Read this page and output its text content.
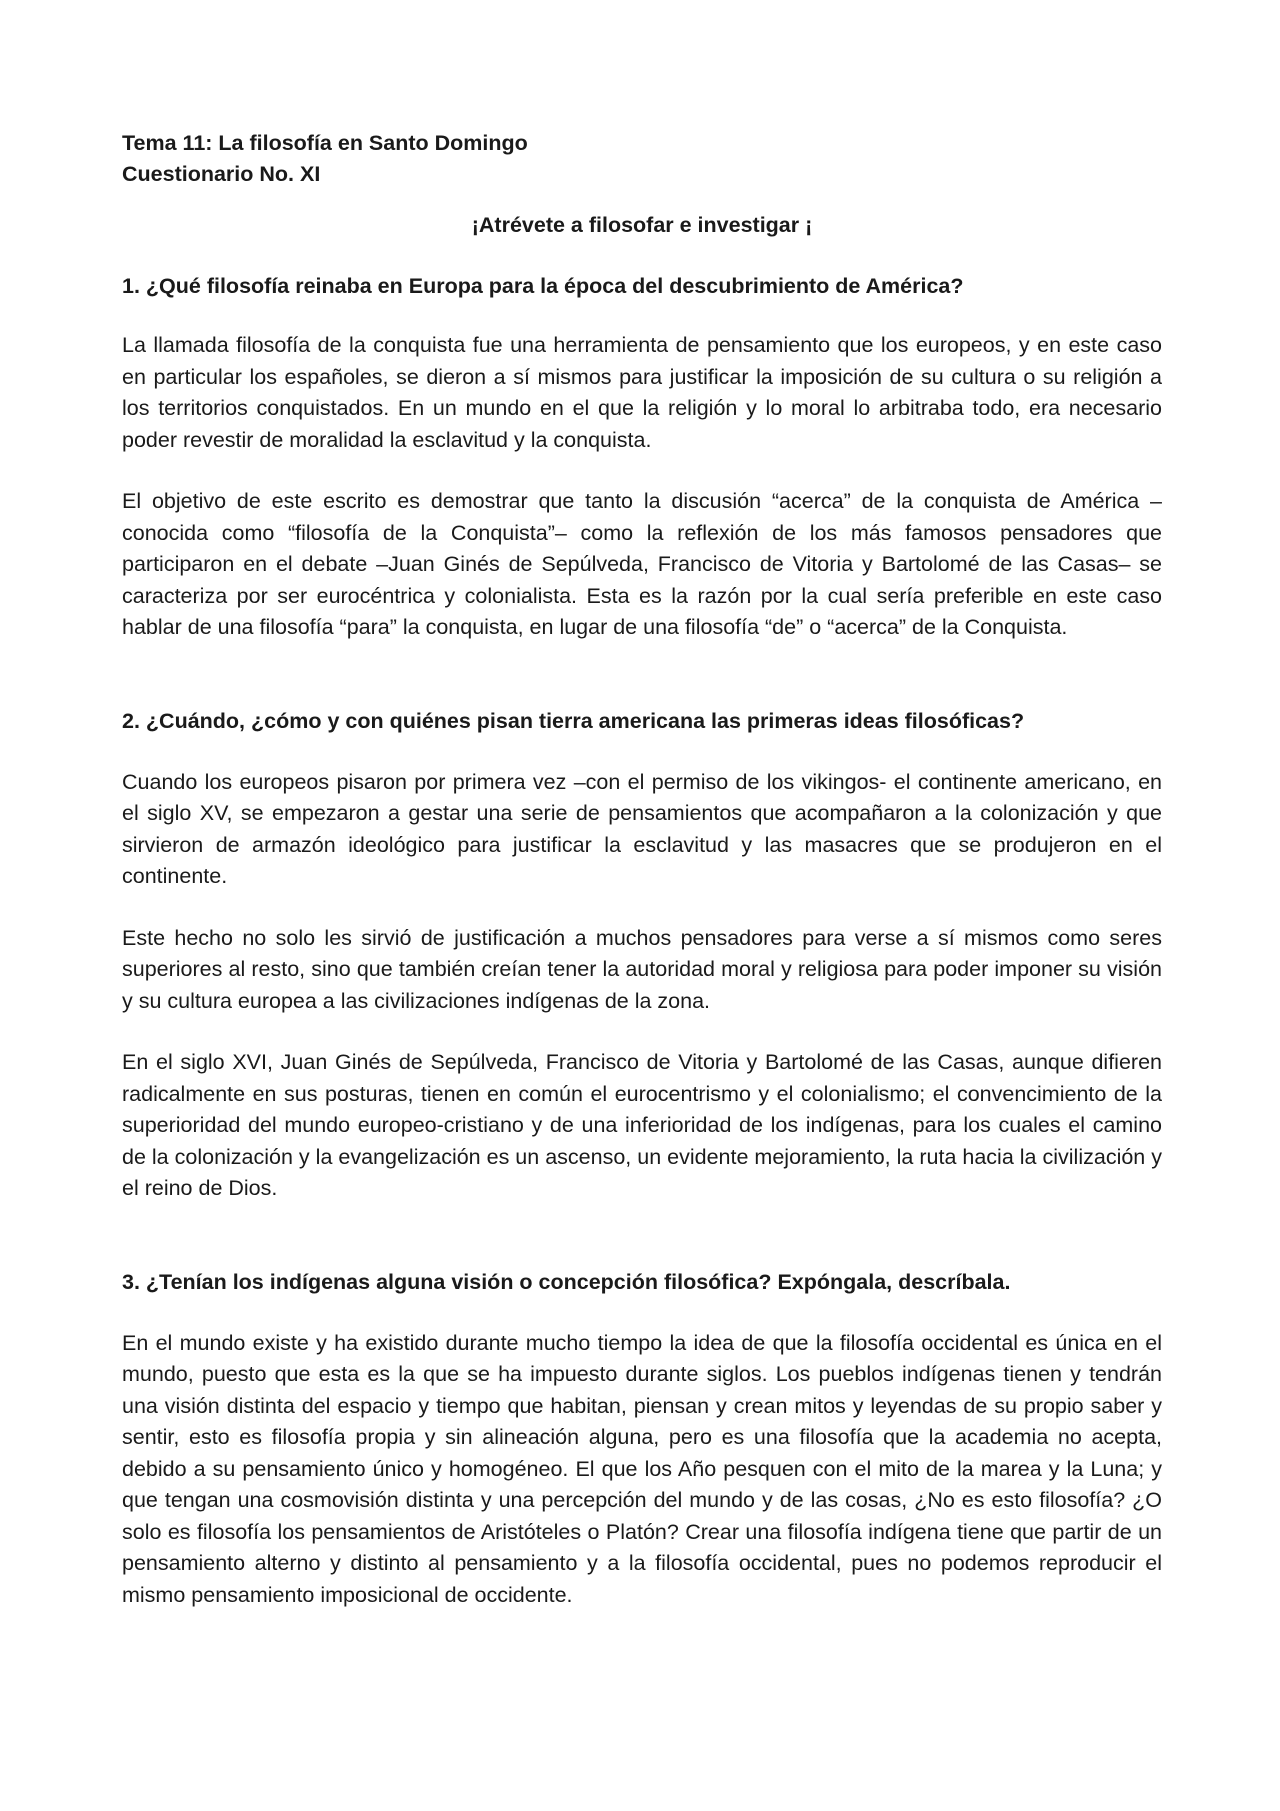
Tema 11: La filosofía en Santo Domingo

Cuestionario No. XI

¡Atrévete a filosofar e investigar ¡

1. ¿Qué filosofía reinaba en Europa para la época del descubrimiento de América?

La llamada filosofía de la conquista fue una herramienta de pensamiento que los europeos, y en este caso en particular los españoles, se dieron a sí mismos para justificar la imposición de su cultura o su religión a los territorios conquistados. En un mundo en el que la religión y lo moral lo arbitraba todo, era necesario poder revestir de moralidad la esclavitud y la conquista.

El objetivo de este escrito es demostrar que tanto la discusión “acerca” de la conquista de América –conocida como “filosofía de la Conquista”– como la reflexión de los más famosos pensadores que participaron en el debate –Juan Ginés de Sepúlveda, Francisco de Vitoria y Bartolomé de las Casas– se caracteriza por ser eurocéntrica y colonialista. Esta es la razón por la cual sería preferible en este caso hablar de una filosofía “para” la conquista, en lugar de una filosofía “de” o “acerca” de la Conquista.

2. ¿Cuándo, ¿cómo y con quiénes pisan tierra americana las primeras ideas filosóficas?

Cuando los europeos pisaron por primera vez –con el permiso de los vikingos- el continente americano, en el siglo XV, se empezaron a gestar una serie de pensamientos que acompañaron a la colonización y que sirvieron de armazón ideológico para justificar la esclavitud y las masacres que se produjeron en el continente.

Este hecho no solo les sirvió de justificación a muchos pensadores para verse a sí mismos como seres superiores al resto, sino que también creían tener la autoridad moral y religiosa para poder imponer su visión y su cultura europea a las civilizaciones indígenas de la zona.

En el siglo XVI, Juan Ginés de Sepúlveda, Francisco de Vitoria y Bartolomé de las Casas, aunque difieren radicalmente en sus posturas, tienen en común el eurocentrismo y el colonialismo; el convencimiento de la superioridad del mundo europeo-cristiano y de una inferioridad de los indígenas, para los cuales el camino de la colonización y la evangelización es un ascenso, un evidente mejoramiento, la ruta hacia la civilización y el reino de Dios.

3. ¿Tenían los indígenas alguna visión o concepción filosófica? Expóngala, descríbala.

En el mundo existe y ha existido durante mucho tiempo la idea de que la filosofía occidental es única en el mundo, puesto que esta es la que se ha impuesto durante siglos. Los pueblos indígenas tienen y tendrán una visión distinta del espacio y tiempo que habitan, piensan y crean mitos y leyendas de su propio saber y sentir, esto es filosofía propia y sin alineación alguna, pero es una filosofía que la academia no acepta, debido a su pensamiento único y homogéneo. El que los Año pesquen con el mito de la marea y la Luna; y que tengan una cosmovisión distinta y una percepción del mundo y de las cosas, ¿No es esto filosofía? ¿O solo es filosofía los pensamientos de Aristóteles o Platón? Crear una filosofía indígena tiene que partir de un pensamiento alterno y distinto al pensamiento y a la filosofía occidental, pues no podemos reproducir el mismo pensamiento imposicional de occidente.
